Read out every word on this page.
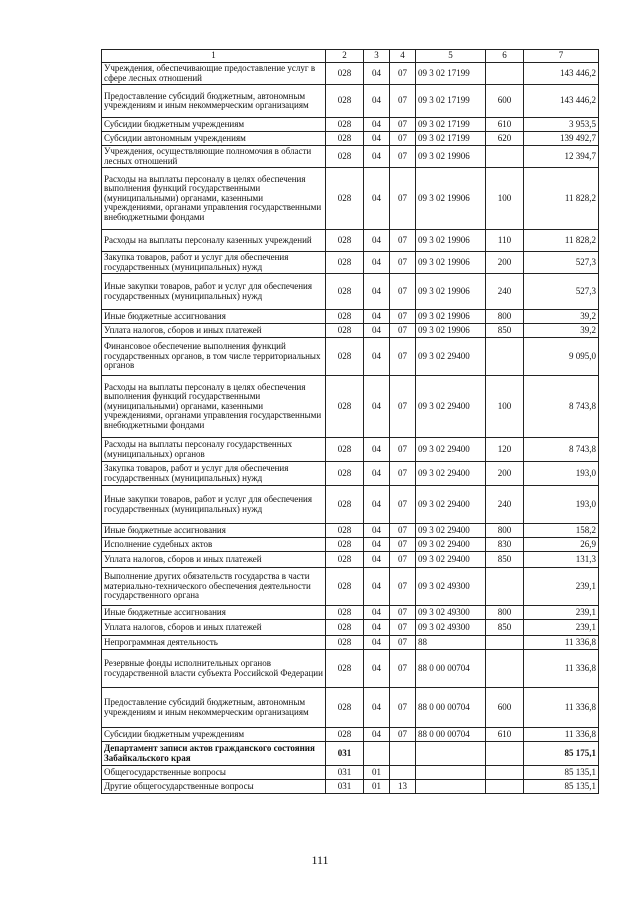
1	2	3	4	5	6	7
Учреждения, обеспечивающие предоставление услуг в сфере лесных отношений	028	04	07	09 3 02 17199		143 446,2
Предоставление субсидий бюджетным, автономным учреждениям и иным некоммерческим организациям	028	04	07	09 3 02 17199	600	143 446,2
Субсидии бюджетным учреждениям	028	04	07	09 3 02 17199	610	3 953,5
Субсидии автономным учреждениям	028	04	07	09 3 02 17199	620	139 492,7
Учреждения, осуществляющие полномочия в области лесных отношений	028	04	07	09 3 02 19906		12 394,7
Расходы на выплаты персоналу в целях обеспечения выполнения функций государственными (муниципальными) органами, казенными учреждениями, органами управления государственными внебюджетными фондами	028	04	07	09 3 02 19906	100	11 828,2
Расходы на выплаты персоналу казенных учреждений	028	04	07	09 3 02 19906	110	11 828,2
Закупка товаров, работ и услуг для обеспечения государственных (муниципальных) нужд	028	04	07	09 3 02 19906	200	527,3
Иные закупки товаров, работ и услуг для обеспечения государственных (муниципальных) нужд	028	04	07	09 3 02 19906	240	527,3
Иные бюджетные ассигнования	028	04	07	09 3 02 19906	800	39,2
Уплата налогов, сборов и иных платежей	028	04	07	09 3 02 19906	850	39,2
Финансовое обеспечение выполнения функций государственных органов, в том числе территориальных органов	028	04	07	09 3 02 29400		9 095,0
Расходы на выплаты персоналу в целях обеспечения выполнения функций государственными (муниципальными) органами, казенными учреждениями, органами управления государственными внебюджетными фондами	028	04	07	09 3 02 29400	100	8 743,8
Расходы на выплаты персоналу государственных (муниципальных) органов	028	04	07	09 3 02 29400	120	8 743,8
Закупка товаров, работ и услуг для обеспечения государственных (муниципальных) нужд	028	04	07	09 3 02 29400	200	193,0
Иные закупки товаров, работ и услуг для обеспечения государственных (муниципальных) нужд	028	04	07	09 3 02 29400	240	193,0
Иные бюджетные ассигнования	028	04	07	09 3 02 29400	800	158,2
Исполнение судебных актов	028	04	07	09 3 02 29400	830	26,9
Уплата налогов, сборов и иных платежей	028	04	07	09 3 02 29400	850	131,3
Выполнение других обязательств государства в части материально-технического обеспечения деятельности государственного органа	028	04	07	09 3 02 49300		239,1
Иные бюджетные ассигнования	028	04	07	09 3 02 49300	800	239,1
Уплата налогов, сборов и иных платежей	028	04	07	09 3 02 49300	850	239,1
Непрограммная деятельность	028	04	07	88		11 336,8
Резервные фонды исполнительных органов государственной власти субъекта Российской Федерации	028	04	07	88 0 00 00704		11 336,8
Предоставление субсидий бюджетным, автономным учреждениям и иным некоммерческим организациям	028	04	07	88 0 00 00704	600	11 336,8
Субсидии бюджетным учреждениям	028	04	07	88 0 00 00704	610	11 336,8
Департамент записи актов гражданского состояния Забайкальского края	031					85 175,1
Общегосударственные вопросы	031	01				85 135,1
Другие общегосударственные вопросы	031	01	13			85 135,1
111
